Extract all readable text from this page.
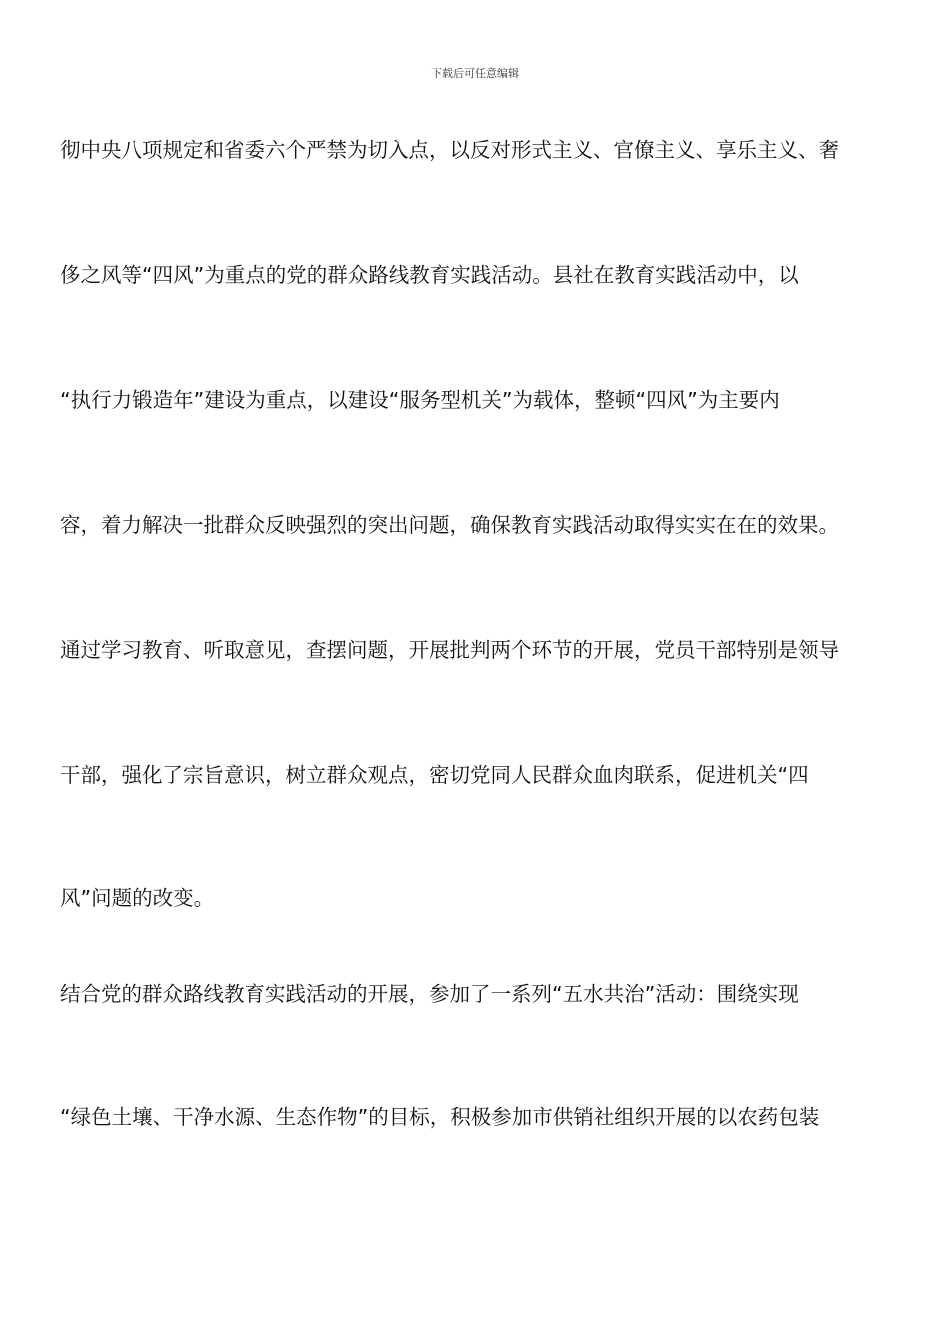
下载后可任意编辑
彻中央八项规定和省委六个严禁为切入点，以反对形式主义、官僚主义、享乐主义、奢
侈之风等“四风”为重点的党的群众路线教育实践活动。县社在教育实践活动中，以
“执行力锻造年”建设为重点，以建设“服务型机关”为载体，整顿“四风”为主要内
容，着力解决一批群众反映强烈的突出问题，确保教育实践活动取得实实在在的效果。
通过学习教育、听取意见，查摆问题，开展批判两个环节的开展，党员干部特别是领导
干部，强化了宗旨意识，树立群众观点，密切党同人民群众血肉联系，促进机关“四
风”问题的改变。
结合党的群众路线教育实践活动的开展，参加了一系列“五水共治”活动：围绕实现
“绿色土壤、干净水源、生态作物”的目标，积极参加市供销社组织开展的以农药包装
